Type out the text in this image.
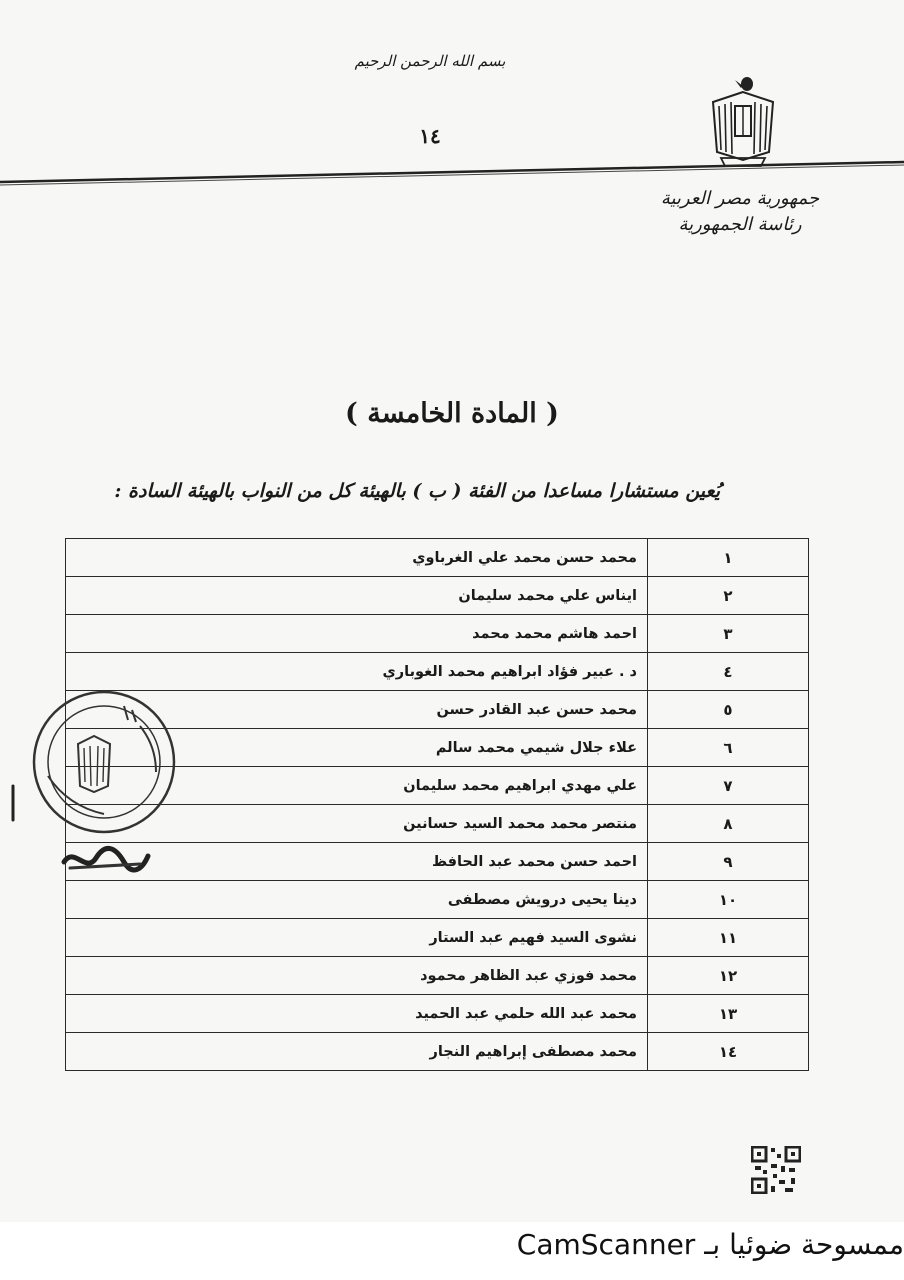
بسم الله الرحمن الرحيم
١٤
جمهورية مصر العربية
رئاسة الجمهورية
( المادة الخامسة )
يُعين مستشارا مساعدا من الفئة ( ب ) بالهيئة كل من النواب بالهيئة السادة :
١	محمد حسن محمد علي الغرباوي
٢	ايناس علي محمد سليمان
٣	احمد هاشم محمد محمد
٤	د . عبير فؤاد ابراهيم محمد الغوباري
٥	محمد حسن عبد القادر حسن
٦	علاء جلال شيمي محمد سالم
٧	علي مهدي ابراهيم محمد سليمان
٨	منتصر محمد محمد السيد حسانين
٩	احمد حسن محمد عبد الحافظ
١٠	دينا يحيى درويش مصطفى
١١	نشوى السيد فهيم عبد الستار
١٢	محمد فوزي عبد الظاهر محمود
١٣	محمد عبد الله حلمي عبد الحميد
١٤	محمد مصطفى إبراهيم النجار
ممسوحة ضوئيا بـ CamScanner
